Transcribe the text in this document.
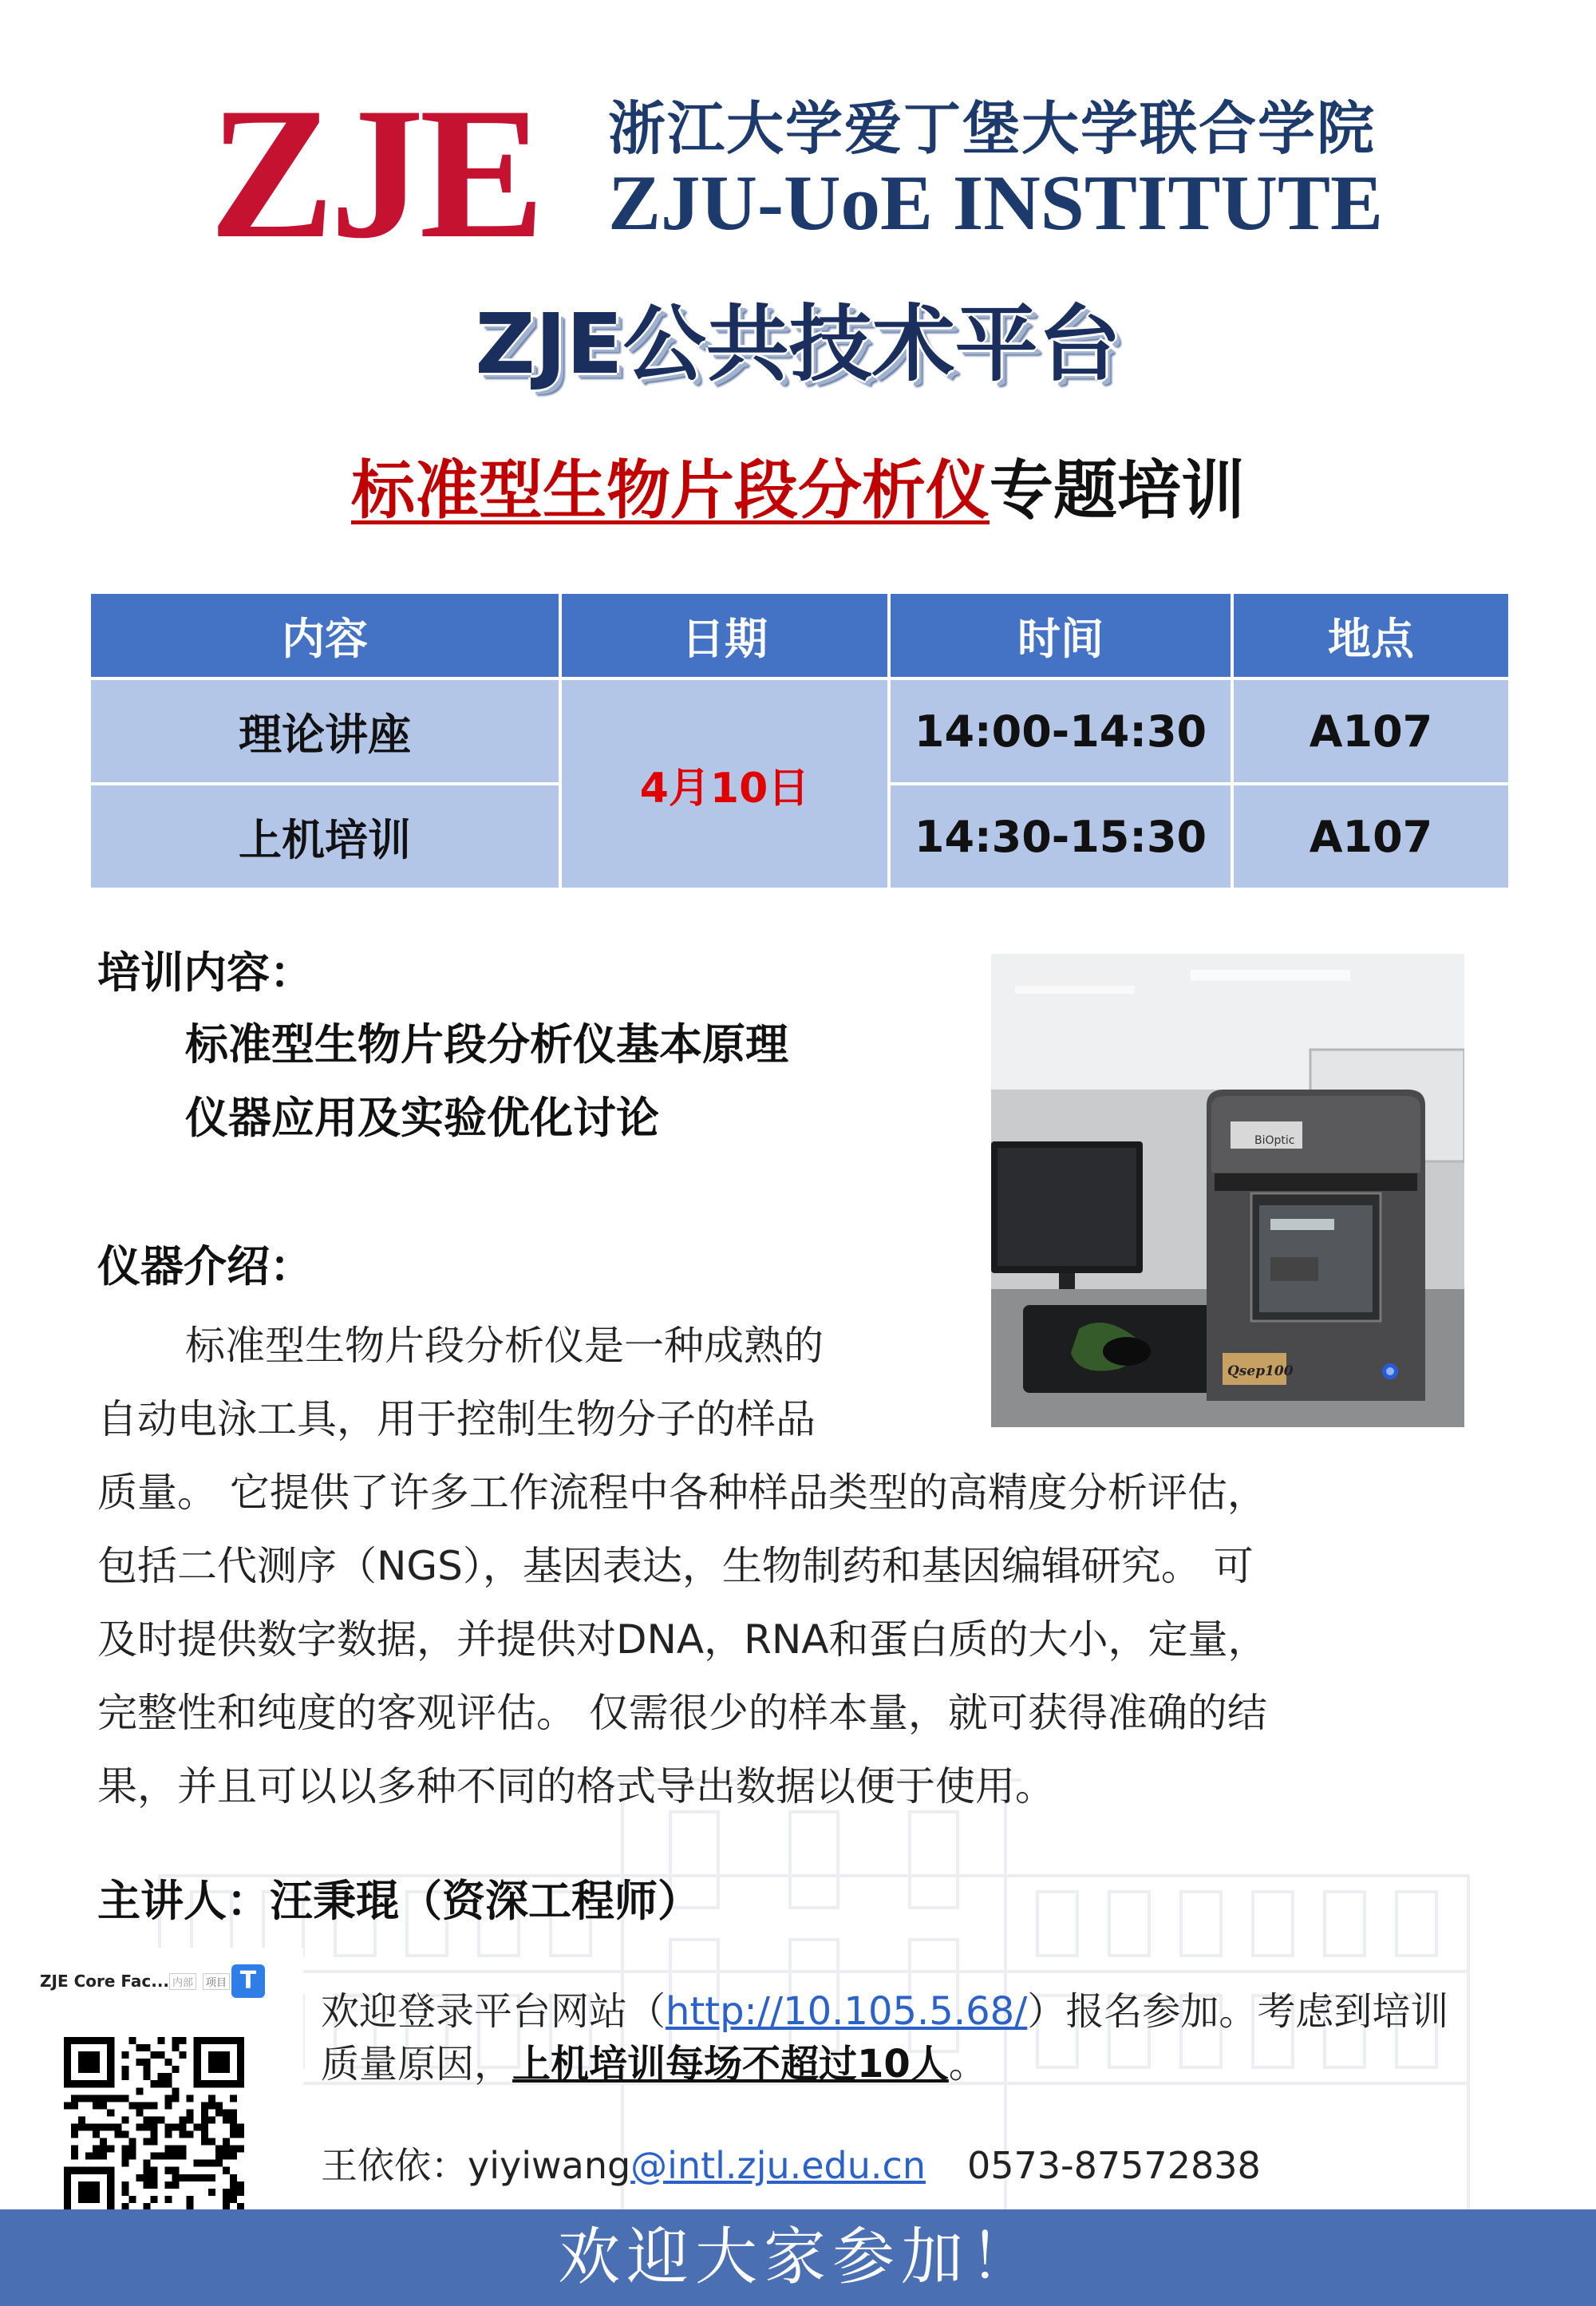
ZJE 浙江大学爱丁堡大学联合学院
ZJU-UoE INSTITUTE
ZJE公共技术平台
标准型生物片段分析仪专题培训
内容	日期	时间	地点
理论讲座	4月10日	14:00-14:30	A107
上机培训		14:30-15:30	A107
培训内容：
标准型生物片段分析仪基本原理
仪器应用及实验优化讨论
仪器介绍：
标准型生物片段分析仪是一种成熟的
自动电泳工具，用于控制生物分子的样品
质量。 它提供了许多工作流程中各种样品类型的高精度分析评估，
包括二代测序（NGS），基因表达，生物制药和基因编辑研究。 可
及时提供数字数据，并提供对DNA，RNA和蛋白质的大小，定量，
完整性和纯度的客观评估。 仅需很少的样本量，就可获得准确的结
果，并且可以以多种不同的格式导出数据以便于使用。
BiOptic
Qsep100
主讲人：汪秉琨（资深工程师）
ZJE Core Fac... 内部	项目 T
欢迎登录平台网站（http://10.105.5.68/）报名参加。考虑到培训质量原因，上机培训每场不超过10人。
王依依：yiyiwang@intl.zju.edu.cn 0573-87572838
欢迎大家参加！
